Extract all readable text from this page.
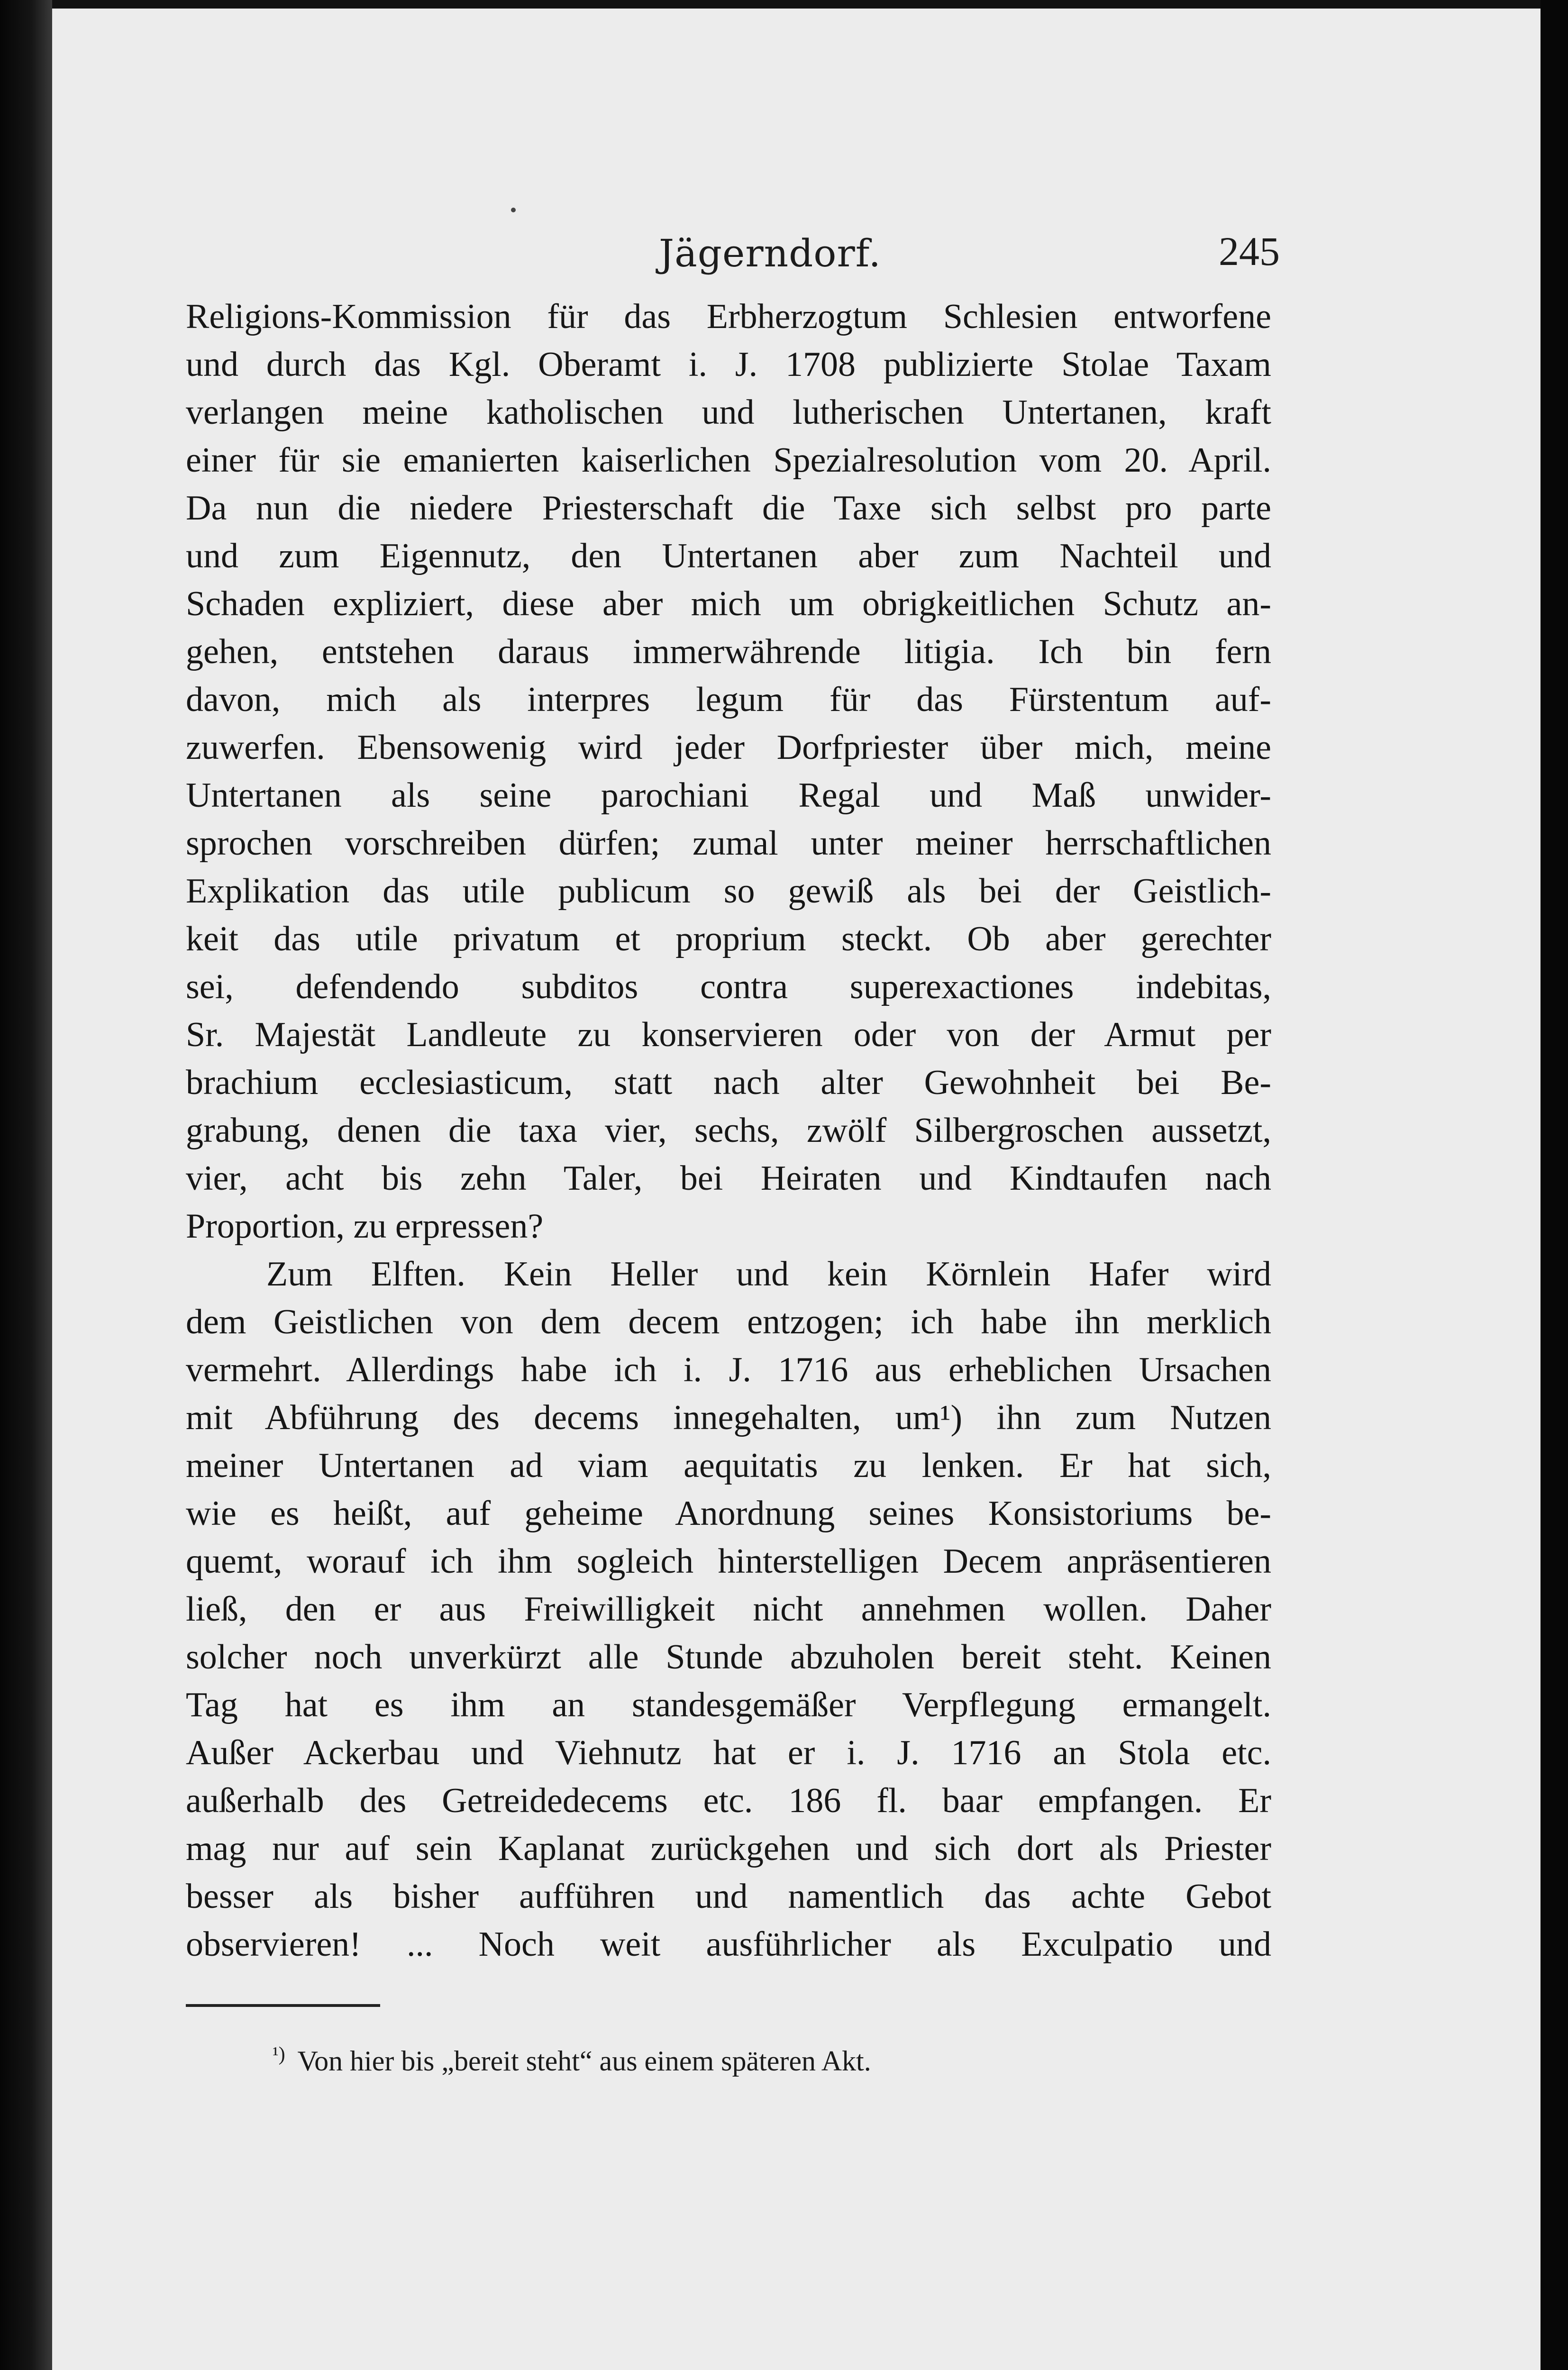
Jägerndorf.	245
Religions-Kommission für das Erbherzogtum Schlesien entworfene
und durch das Kgl. Oberamt i. J. 1708 publizierte Stolae Taxam
verlangen meine katholischen und lutherischen Untertanen, kraft
einer für sie emanierten kaiserlichen Spezialresolution vom 20. April.
Da nun die niedere Priesterschaft die Taxe sich selbst pro parte
und zum Eigennutz, den Untertanen aber zum Nachteil und
Schaden expliziert, diese aber mich um obrigkeitlichen Schutz an-
gehen, entstehen daraus immerwährende litigia. Ich bin fern
davon, mich als interpres legum für das Fürstentum auf-
zuwerfen. Ebensowenig wird jeder Dorfpriester über mich, meine
Untertanen als seine parochiani Regal und Maß unwider-
sprochen vorschreiben dürfen; zumal unter meiner herrschaftlichen
Explikation das utile publicum so gewiß als bei der Geistlich-
keit das utile privatum et proprium steckt. Ob aber gerechter
sei, defendendo subditos contra superexactiones indebitas,
Sr. Majestät Landleute zu konservieren oder von der Armut per
brachium ecclesiasticum, statt nach alter Gewohnheit bei Be-
grabung, denen die taxa vier, sechs, zwölf Silbergroschen aussetzt,
vier, acht bis zehn Taler, bei Heiraten und Kindtaufen nach
Proportion, zu erpressen?
Zum Elften. Kein Heller und kein Körnlein Hafer wird
dem Geistlichen von dem decem entzogen; ich habe ihn merklich
vermehrt. Allerdings habe ich i. J. 1716 aus erheblichen Ursachen
mit Abführung des decems innegehalten, um¹) ihn zum Nutzen
meiner Untertanen ad viam aequitatis zu lenken. Er hat sich,
wie es heißt, auf geheime Anordnung seines Konsistoriums be-
quemt, worauf ich ihm sogleich hinterstelligen Decem anpräsentieren
ließ, den er aus Freiwilligkeit nicht annehmen wollen. Daher
solcher noch unverkürzt alle Stunde abzuholen bereit steht. Keinen
Tag hat es ihm an standesgemäßer Verpflegung ermangelt.
Außer Ackerbau und Viehnutz hat er i. J. 1716 an Stola etc.
außerhalb des Getreidedecems etc. 186 fl. baar empfangen. Er
mag nur auf sein Kaplanat zurückgehen und sich dort als Priester
besser als bisher aufführen und namentlich das achte Gebot
observieren! ... Noch weit ausführlicher als Exculpatio und
$^{^1)}$ Von hier bis „bereit steht“ aus einem späteren Akt.
